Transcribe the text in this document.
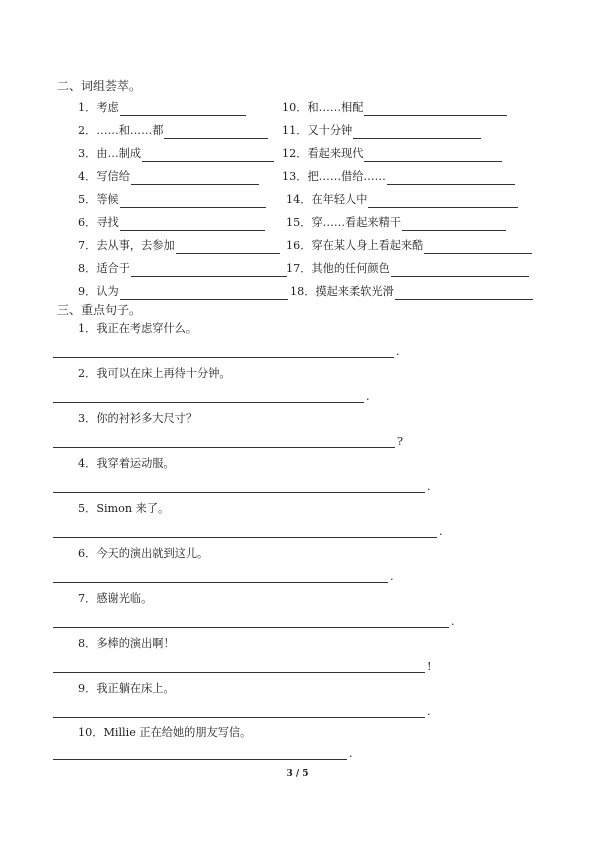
二、词组荟萃。
1． 考虑	10． 和……相配
2． ……和……都	11． 又十分钟
3． 由…制成	12． 看起来现代
4． 写信给	13． 把……借给……
5． 等候	14． 在年轻人中
6． 寻找	15． 穿……看起来精干
7． 去从事，去参加	16． 穿在某人身上看起来酷
8． 适合于	17． 其他的任何颜色
9． 认为	18． 摸起来柔软光滑
三、重点句子。
1．我正在考虑穿什么。
.
2．我可以在床上再待十分钟。
.
3．你的衬衫多大尺寸？
?
4．我穿着运动服。
.
5．Simon 来了。
.
6．今天的演出就到这儿。
.
7．感谢光临。
.
8．多棒的演出啊！
!
9．我正躺在床上。
.
10．Millie 正在给她的朋友写信。
.
3 / 5
